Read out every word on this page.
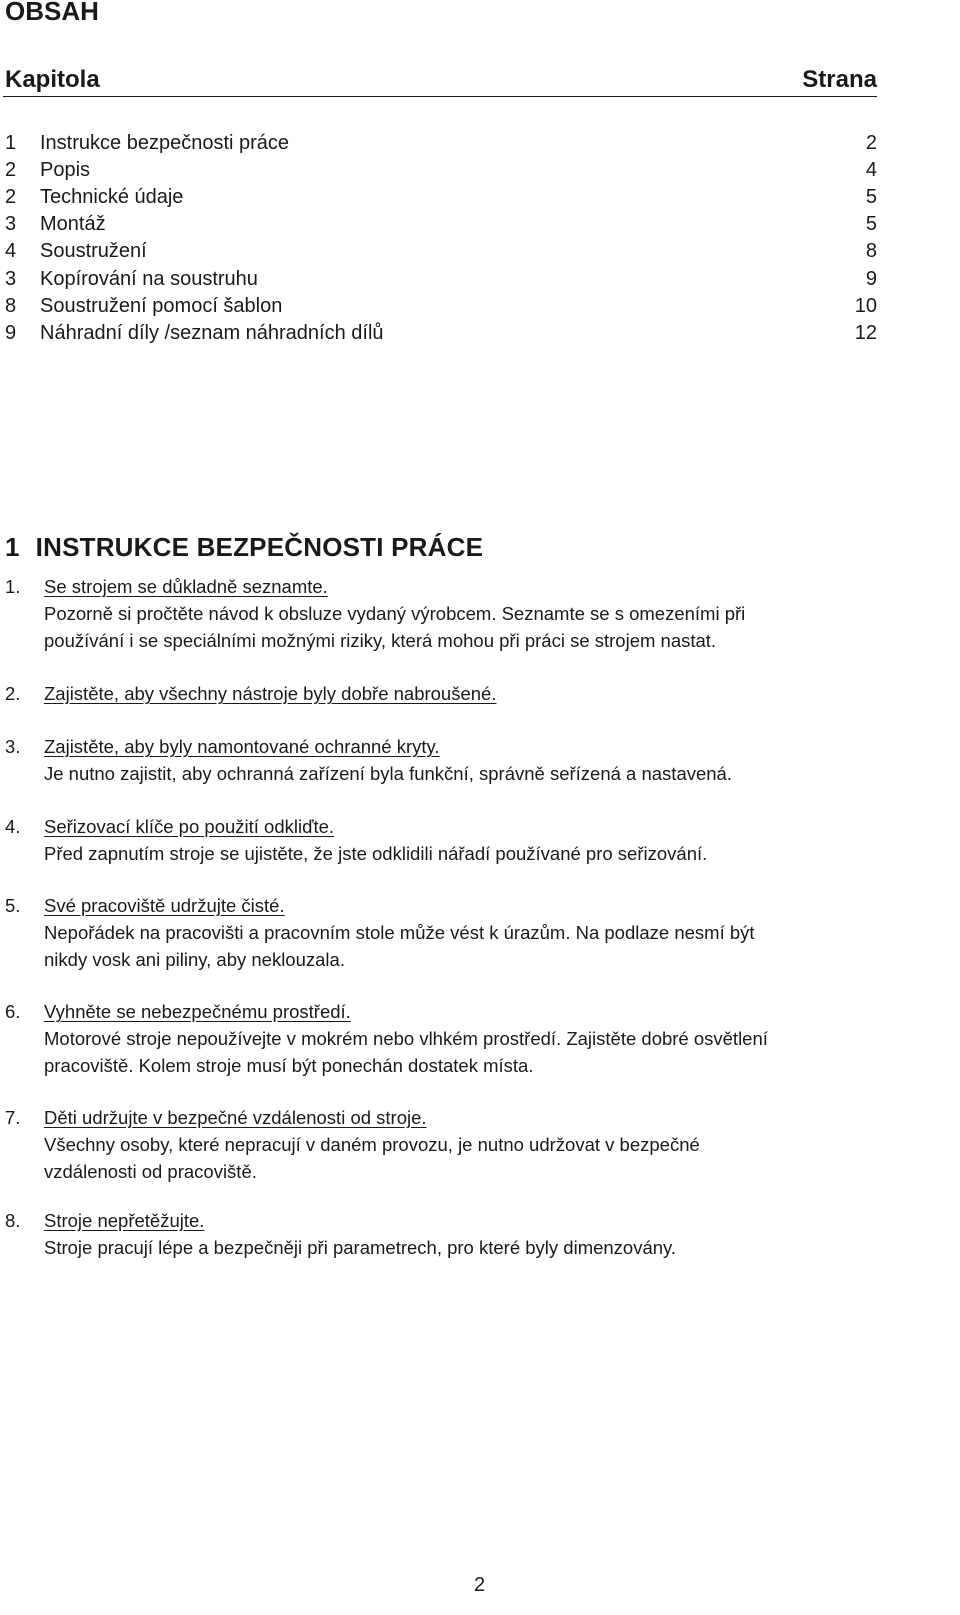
OBSAH
Kapitola	Strana
1 Instrukce bezpečnosti práce	2
2 Popis	4
2 Technické údaje	5
3 Montáž	5
4 Soustružení	8
3 Kopírování na soustruhu	9
8 Soustružení pomocí šablon	10
9 Náhradní díly /seznam náhradních dílů	12
1 INSTRUKCE BEZPEČNOSTI PRÁCE
1. Se strojem se důkladně seznamte.
Pozorně si pročtěte návod k obsluze vydaný výrobcem. Seznamte se s omezeními při
používání i se speciálními možnými riziky, která mohou při práci se strojem nastat.
2. Zajistěte, aby všechny nástroje byly dobře nabroušené.
3. Zajistěte, aby byly namontované ochranné kryty.
Je nutno zajistit, aby ochranná zařízení byla funkční, správně seřízená a nastavená.
4. Seřizovací klíče po použití odkliďte.
Před zapnutím stroje se ujistěte, že jste odklidili nářadí používané pro seřizování.
5. Své pracoviště udržujte čisté.
Nepořádek na pracovišti a pracovním stole může vést k úrazům. Na podlaze nesmí být
nikdy vosk ani piliny, aby neklouzala.
6. Vyhněte se nebezpečnému prostředí.
Motorové stroje nepoužívejte v mokrém nebo vlhkém prostředí. Zajistěte dobré osvětlení
pracoviště. Kolem stroje musí být ponechán dostatek místa.
7. Děti udržujte v bezpečné vzdálenosti od stroje.
Všechny osoby, které nepracují v daném provozu, je nutno udržovat v bezpečné
vzdálenosti od pracoviště.
8. Stroje nepřetěžujte.
Stroje pracují lépe a bezpečněji při parametrech, pro které byly dimenzovány.
2
